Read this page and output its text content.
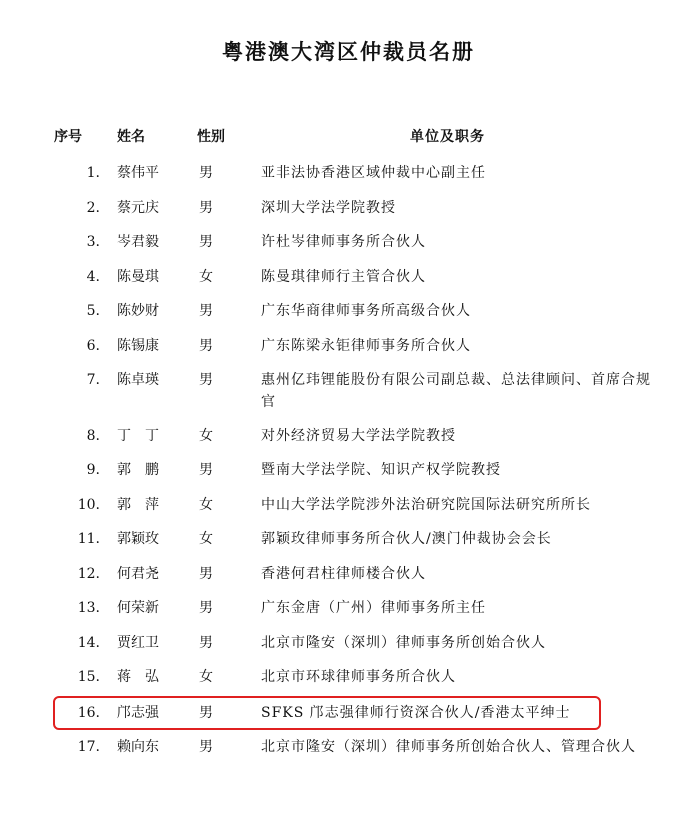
粤港澳大湾区仲裁员名册
序号	姓名	性别	单位及职务
1. 蔡伟平	男	亚非法协香港区域仲裁中心副主任
2. 蔡元庆	男	深圳大学法学院教授
3. 岑君毅	男	许杜岑律师事务所合伙人
4. 陈曼琪	女	陈曼琪律师行主管合伙人
5. 陈妙财	男	广东华商律师事务所高级合伙人
6. 陈锡康	男	广东陈梁永钜律师事务所合伙人
7. 陈卓瑛	男	惠州亿玮锂能股份有限公司副总裁、总法律顾问、首席合规官
8. 丁　丁	女	对外经济贸易大学法学院教授
9. 郭　鹏	男	暨南大学法学院、知识产权学院教授
10. 郭　萍	女	中山大学法学院涉外法治研究院国际法研究所所长
11. 郭颖玫	女	郭颖玫律师事务所合伙人/澳门仲裁协会会长
12. 何君尧	男	香港何君柱律师楼合伙人
13. 何荣新	男	广东金唐（广州）律师事务所主任
14. 贾红卫	男	北京市隆安（深圳）律师事务所创始合伙人
15. 蒋　弘	女	北京市环球律师事务所合伙人
16. 邝志强	男	SFKS 邝志强律师行资深合伙人/香港太平绅士
17. 赖向东	男	北京市隆安（深圳）律师事务所创始合伙人、管理合伙人
